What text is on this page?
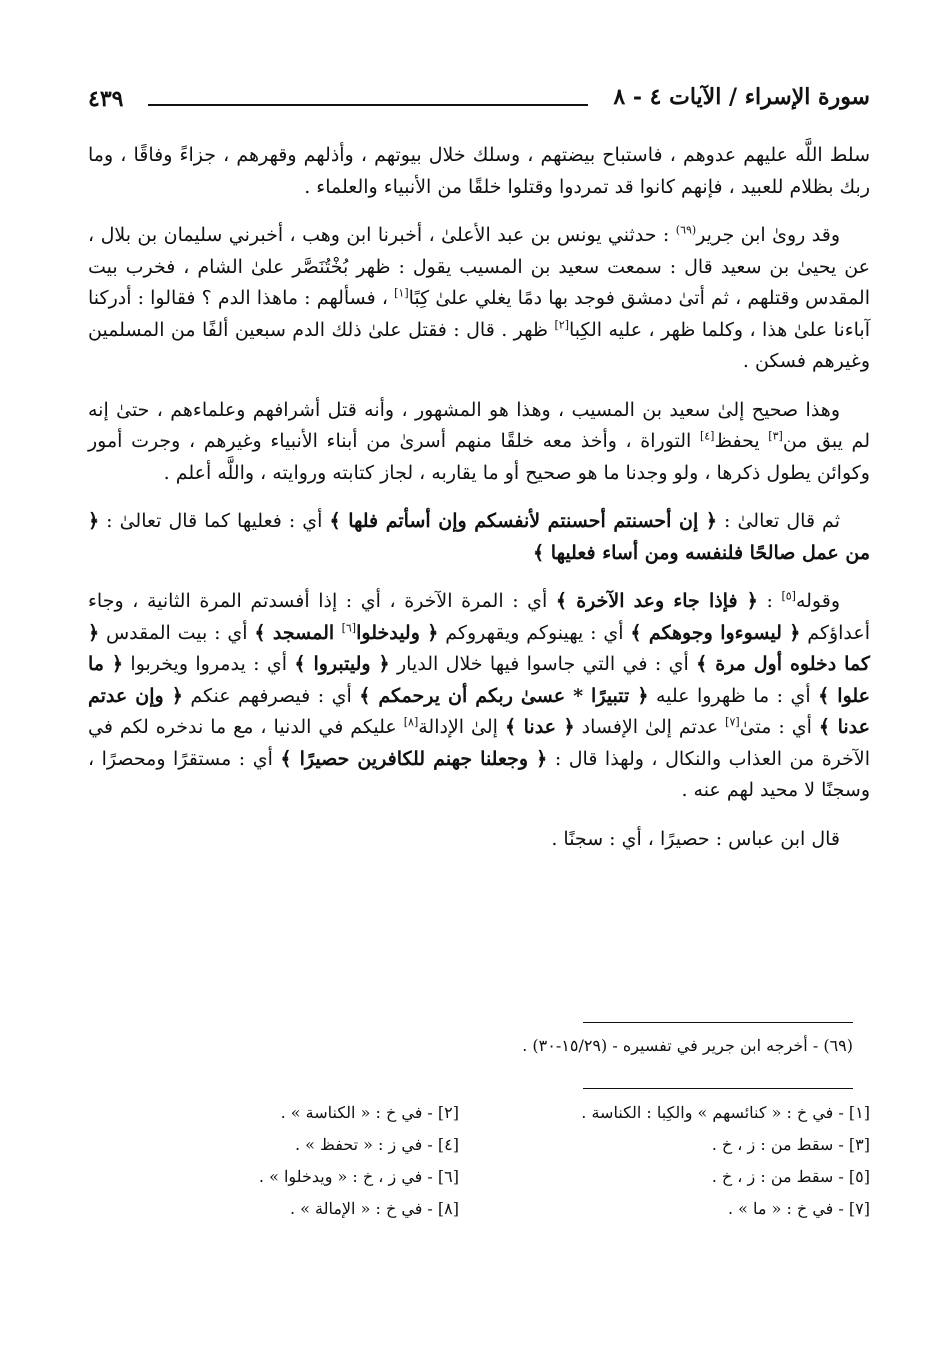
٤٣٩	سورة الإسراء / الآيات ٤ - ٨

سلط اللَّه عليهم عدوهم ، فاستباح بيضتهم ، وسلك خلال بيوتهم ، وأذلهم وقهرهم ، جزاءً وفاقًا ، وما ربك بظلام للعبيد ، فإنهم كانوا قد تمردوا وقتلوا خلقًا من الأنبياء والعلماء .

وقد روىٰ ابن جرير$^{(٦٩)}$ : حدثني يونس بن عبد الأعلىٰ ، أخبرنا ابن وهب ، أخبرني سليمان بن بلال ، عن يحيىٰ بن سعيد قال : سمعت سعيد بن المسيب يقول : ظهر بُخْتُنَصَّر علىٰ الشام ، فخرب بيت المقدس وقتلهم ، ثم أتىٰ دمشق فوجد بها دمًا يغلي علىٰ كِبًا[١] ، فسألهم : ماهذا الدم ؟ فقالوا : أدركنا آباءنا علىٰ هذا ، وكلما ظهر ، عليه الكِبا[٢] ظهر . قال : فقتل علىٰ ذلك الدم سبعين ألفًا من المسلمين وغيرهم فسكن .

وهذا صحيح إلىٰ سعيد بن المسيب ، وهذا هو المشهور ، وأنه قتل أشرافهم وعلماءهم ، حتىٰ إنه لم يبق من[٣] يحفظ[٤] التوراة ، وأخذ معه خلقًا منهم أسرىٰ من أبناء الأنبياء وغيرهم ، وجرت أمور وكوائن يطول ذكرها ، ولو وجدنا ما هو صحيح أو ما يقاربه ، لجاز كتابته وروايته ، واللَّه أعلم .

ثم قال تعالىٰ : ﴿ إن أحسنتم أحسنتم لأنفسكم وإن أسأتم فلها ﴾ أي : فعليها كما قال تعالىٰ : ﴿ من عمل صالحًا فلنفسه ومن أساء فعليها ﴾

وقوله[٥] : ﴿ فإذا جاء وعد الآخرة ﴾ أي : المرة الآخرة ، أي : إذا أفسدتم المرة الثانية ، وجاء أعداؤكم ﴿ ليسوءوا وجوهكم ﴾ أي : يهينوكم ويقهروكم ﴿ وليدخلوا[٦] المسجد ﴾ أي : بيت المقدس ﴿ كما دخلوه أول مرة ﴾ أي : في التي جاسوا فيها خلال الديار ﴿ وليتبروا ﴾ أي : يدمروا ويخربوا ﴿ ما علوا ﴾ أي : ما ظهروا عليه ﴿ تتبيرًا * عسىٰ ربكم أن يرحمكم ﴾ أي : فيصرفهم عنكم ﴿ وإن عدتم عدنا ﴾ أي : متىٰ[٧] عدتم إلىٰ الإفساد ﴿ عدنا ﴾ إلىٰ الإدالة[٨] عليكم في الدنيا ، مع ما ندخره لكم في الآخرة من العذاب والنكال ، ولهذا قال : ﴿ وجعلنا جهنم للكافرين حصيرًا ﴾ أي : مستقرًا ومحصرًا ، وسجنًا لا محيد لهم عنه .

قال ابن عباس : حصيرًا ، أي : سجنًا .

(٦٩) - أخرجه ابن جرير في تفسيره - (١٥/٢٩-٣٠) .
[١] - في خ : « كنائسهم » والكِبا : الكناسة .
[٢] - في خ : « الكناسة » .
[٣] - سقط من : ز ، خ .
[٤] - في ز : « تحفظ » .
[٥] - سقط من : ز ، خ .
[٦] - في ز ، خ : « ويدخلوا » .
[٧] - في خ : « ما » .
[٨] - في خ : « الإمالة » .
